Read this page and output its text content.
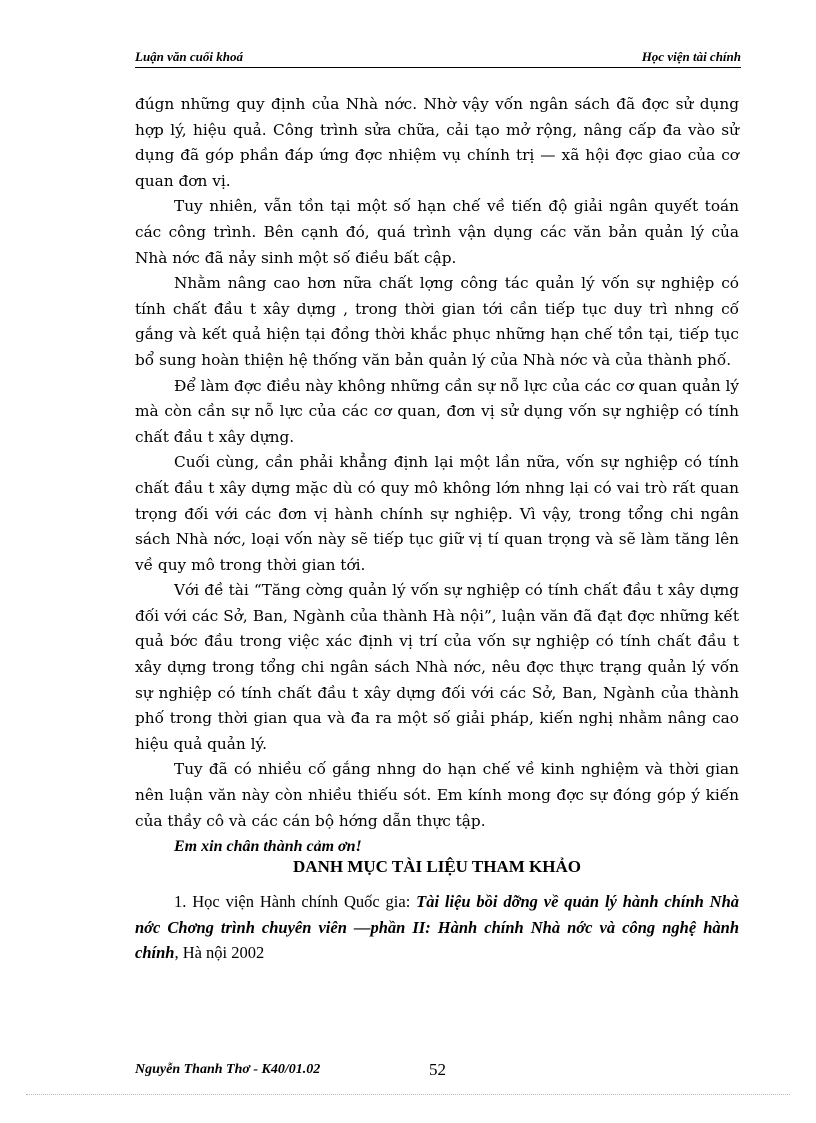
Luận văn cuối khoá	Học viện tài chính

đúgn những quy định của Nhà nớc. Nhờ vậy vốn ngân sách đã đợc sử dụng hợp lý, hiệu quả. Công trình sửa chữa, cải tạo mở rộng, nâng cấp đa vào sử dụng đã góp phần đáp ứng đợc nhiệm vụ chính trị — xã hội đợc giao của cơ quan đơn vị.

Tuy nhiên, vẫn tồn tại một số hạn chế về tiến độ giải ngân quyết toán các công trình. Bên cạnh đó, quá trình vận dụng các văn bản quản lý của Nhà nớc đã nảy sinh một số điều bất cập.

Nhằm nâng cao hơn nữa chất lợng công tác quản lý vốn sự nghiệp có tính chất đầu t xây dựng , trong thời gian tới cần tiếp tục duy trì nhng cố gắng và kết quả hiện tại đồng thời khắc phục những hạn chế tồn tại, tiếp tục bổ sung hoàn thiện hệ thống văn bản quản lý của Nhà nớc và của thành phố.

Để làm đợc điều này không những cần sự nỗ lực của các cơ quan quản lý mà còn cần sự nỗ lực của các cơ quan, đơn vị sử dụng vốn sự nghiệp có tính chất đầu t xây dựng.

Cuối cùng, cần phải khẳng định lại một lần nữa, vốn sự nghiệp có tính chất đầu t xây dựng mặc dù có quy mô không lớn nhng lại có vai trò rất quan trọng đối với các đơn vị hành chính sự nghiệp. Vì vậy, trong tổng chi ngân sách Nhà nớc, loại vốn này sẽ tiếp tục giữ vị tí quan trọng và sẽ làm tăng lên về quy mô trong thời gian tới.

Với đề tài “Tăng cờng quản lý vốn sự nghiệp có tính chất đầu t xây dựng đối với các Sở, Ban, Ngành của thành Hà nội”, luận văn đã đạt đợc những kết quả bớc đầu trong việc xác định vị trí của vốn sự nghiệp có tính chất đầu t xây dựng trong tổng chi ngân sách Nhà nớc, nêu đợc thực trạng quản lý vốn sự nghiệp có tính chất đầu t xây dựng đối với các Sở, Ban, Ngành của thành phố trong thời gian qua và đa ra một số giải pháp, kiến nghị nhằm nâng cao hiệu quả quản lý.

Tuy đã có nhiều cố gắng nhng do hạn chế về kinh nghiệm và thời gian nên luận văn này còn nhiều thiếu sót. Em kính mong đợc sự đóng góp ý kiến của thầy cô và các cán bộ hớng dẫn thực tập.

Em xin chân thành cảm ơn!

DANH MỤC TÀI LIỆU THAM KHẢO

1. Học viện Hành chính Quốc gia: Tài liệu bồi dỡng về quản lý hành chính Nhà nớc Chơng trình chuyên viên —phần II: Hành chính Nhà nớc và công nghệ hành chính, Hà nội 2002

Nguyễn Thanh Thơ - K40/01.02	52
